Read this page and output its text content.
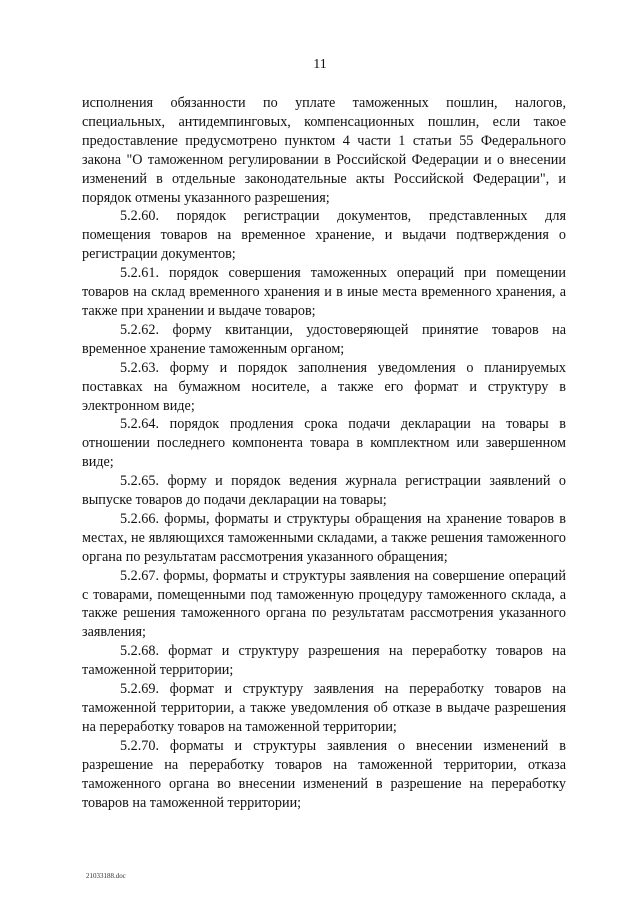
11

исполнения обязанности по уплате таможенных пошлин, налогов, специальных, антидемпинговых, компенсационных пошлин, если такое предоставление предусмотрено пунктом 4 части 1 статьи 55 Федерального закона "О таможенном регулировании в Российской Федерации и о внесении изменений в отдельные законодательные акты Российской Федерации", и порядок отмены указанного разрешения;

5.2.60. порядок регистрации документов, представленных для помещения товаров на временное хранение, и выдачи подтверждения о регистрации документов;

5.2.61. порядок совершения таможенных операций при помещении товаров на склад временного хранения и в иные места временного хранения, а также при хранении и выдаче товаров;

5.2.62. форму квитанции, удостоверяющей принятие товаров на временное хранение таможенным органом;

5.2.63. форму и порядок заполнения уведомления о планируемых поставках на бумажном носителе, а также его формат и структуру в электронном виде;

5.2.64. порядок продления срока подачи декларации на товары в отношении последнего компонента товара в комплектном или завершенном виде;

5.2.65. форму и порядок ведения журнала регистрации заявлений о выпуске товаров до подачи декларации на товары;

5.2.66. формы, форматы и структуры обращения на хранение товаров в местах, не являющихся таможенными складами, а также решения таможенного органа по результатам рассмотрения указанного обращения;

5.2.67. формы, форматы и структуры заявления на совершение операций с товарами, помещенными под таможенную процедуру таможенного склада, а также решения таможенного органа по результатам рассмотрения указанного заявления;

5.2.68. формат и структуру разрешения на переработку товаров на таможенной территории;

5.2.69. формат и структуру заявления на переработку товаров на таможенной территории, а также уведомления об отказе в выдаче разрешения на переработку товаров на таможенной территории;

5.2.70. форматы и структуры заявления о внесении изменений в разрешение на переработку товаров на таможенной территории, отказа таможенного органа во внесении изменений в разрешение на переработку товаров на таможенной территории;

21033188.doc
